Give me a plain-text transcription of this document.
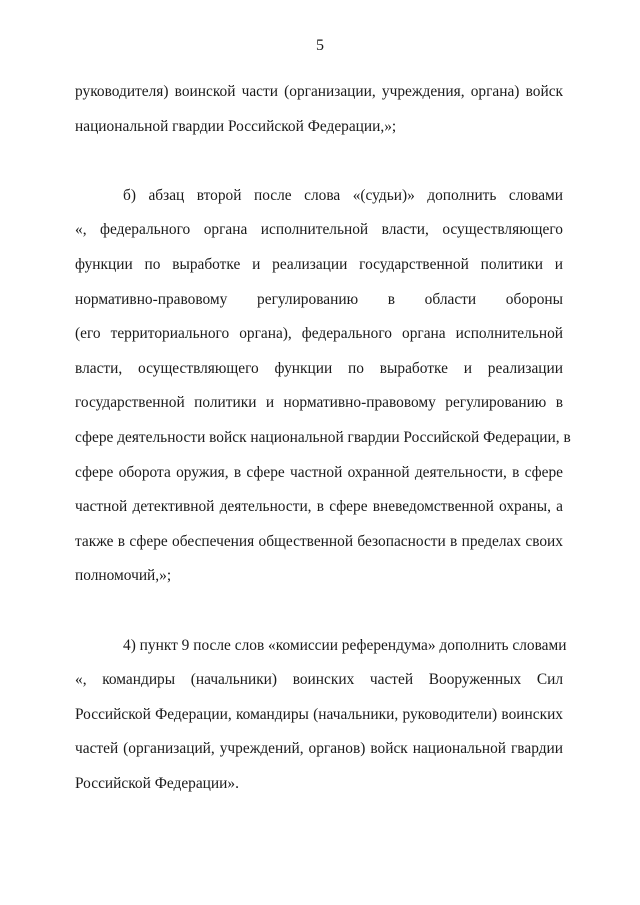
5
руководителя) воинской части (организации, учреждения, органа) войск
национальной гвардии Российской Федерации,»;
б) абзац второй после слова «(судьи)» дополнить словами
«, федерального органа исполнительной власти, осуществляющего
функции по выработке и реализации государственной политики и
нормативно-правовому регулированию в области обороны
(его территориального органа), федерального органа исполнительной
власти, осуществляющего функции по выработке и реализации
государственной политики и нормативно-правовому регулированию в
сфере деятельности войск национальной гвардии Российской Федерации, в
сфере оборота оружия, в сфере частной охранной деятельности, в сфере
частной детективной деятельности, в сфере вневедомственной охраны, а
также в сфере обеспечения общественной безопасности в пределах своих
полномочий,»;
4) пункт 9 после слов «комиссии референдума» дополнить словами
«, командиры (начальники) воинских частей Вооруженных Сил
Российской Федерации, командиры (начальники, руководители) воинских
частей (организаций, учреждений, органов) войск национальной гвардии
Российской Федерации».
